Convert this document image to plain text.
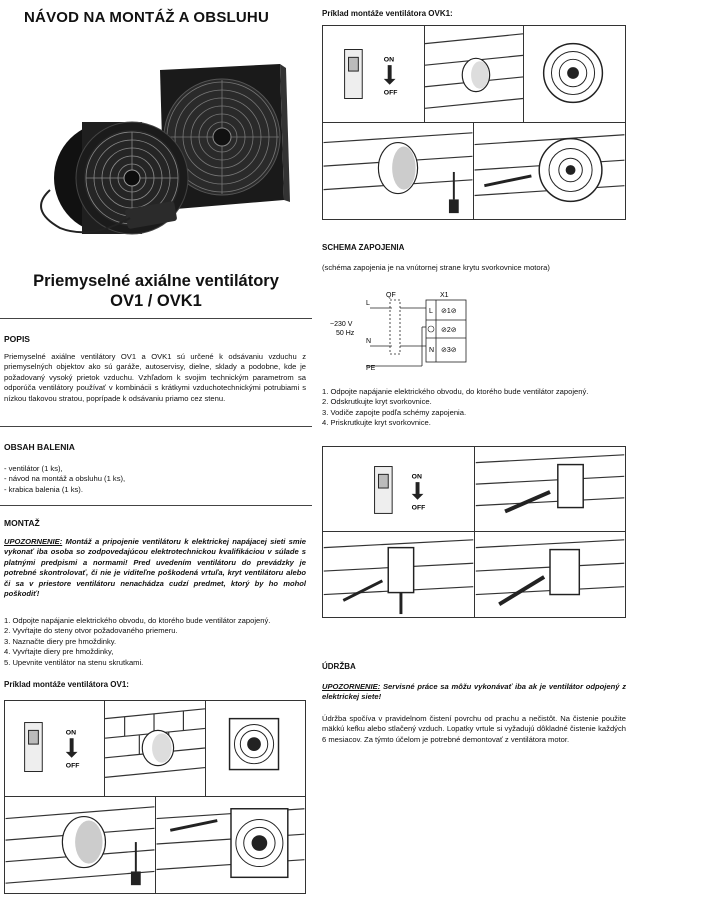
NÁVOD NA MONTÁŽ A OBSLUHU
Priemyselné axiálne ventilátory
OV1 / OVK1
POPIS
Priemyselné axiálne ventilátory OV1 a OVK1 sú určené k odsávaniu vzduchu z priemyselných objektov ako sú garáže, autoservisy, dielne, sklady a podobne, kde je požadovaný vysoký prietok vzduchu. Vzhľadom k svojim technickým parametrom sa odporúča ventilátory používať v kombinácii s krátkymi vzduchotechnickými potrubiami s nízkou tlakovou stratou, poprípade k odsávaniu priamo cez stenu.
OBSAH BALENIA
- ventilátor (1 ks),
- návod na montáž a obsluhu (1 ks),
- krabica balenia (1 ks).
MONTAŽ
UPOZORNENIE: Montáž a pripojenie ventilátoru k elektrickej napájacej sieti smie vykonať iba osoba so zodpovedajúcou elektrotechnickou kvalifikáciou v súlade s platnými predpismi a normami! Pred uvedením ventilátoru do prevádzky je potrebné skontrolovať, či nie je viditeľne poškodená vrtuľa, kryt ventilátoru alebo či sa v priestore ventilátoru nenachádza cudzí predmet, ktorý by ho mohol poškodiť!
1. Odpojte napájanie elektrického obvodu, do ktorého bude ventilátor zapojený.
2. Vyvŕtajte do steny otvor požadovaného priemeru.
3. Naznačte diery pre hmoždinky.
4. Vyvŕtajte diery pre hmoždinky,
5. Upevnite ventilátor na stenu skrutkami.
Príklad montáže ventilátora OV1:
ON
OFF
Príklad montáže ventilátora OVK1:
ON
OFF
SCHEMA ZAPOJENIA
(schéma zapojenia je na vnútornej strane krytu svorkovnice motora)
L
QF	X1
~230 V
50 Hz
N
PE
L
N
⊘1⊘
⊘2⊘
⊘3⊘
1. Odpojte napájanie elektrického obvodu, do ktorého bude ventilátor zapojený.
2. Odskrutkujte kryt svorkovnice.
3. Vodiče zapojte podľa schémy zapojenia.
4. Priskrutkujte kryt svorkovnice.
ON
OFF
ÚDRŽBA
UPOZORNENIE: Servisné práce sa môžu vykonávať iba ak je ventilátor odpojený z elektrickej siete!
Údržba spočíva v pravidelnom čistení povrchu od prachu a nečistôt. Na čistenie použite mäkkú kefku alebo stlačený vzduch. Lopatky vrtule si vyžadujú dôkladné čistenie každých 6 mesiacov. Za týmto účelom je potrebné demontovať z ventilátora motor.
